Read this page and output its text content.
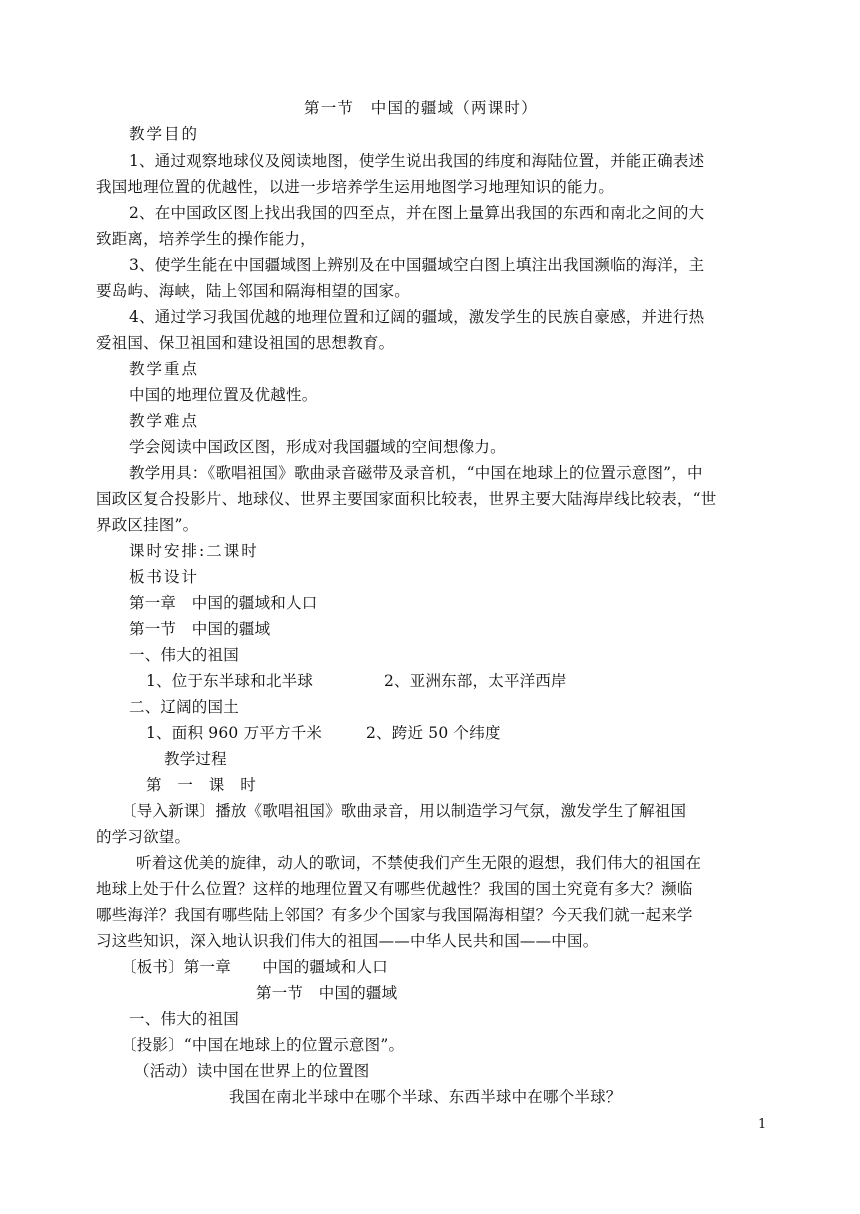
第一节　中国的疆域（两课时）
教学目的
1、通过观察地球仪及阅读地图，使学生说出我国的纬度和海陆位置，并能正确表述
我国地理位置的优越性，以进一步培养学生运用地图学习地理知识的能力。
2、在中国政区图上找出我国的四至点，并在图上量算出我国的东西和南北之间的大
致距离，培养学生的操作能力，
3、使学生能在中国疆域图上辨别及在中国疆域空白图上填注出我国濒临的海洋，主
要岛屿、海峡，陆上邻国和隔海相望的国家。
4、通过学习我国优越的地理位置和辽阔的疆域，激发学生的民族自豪感，并进行热
爱祖国、保卫祖国和建设祖国的思想教育。
教学重点
中国的地理位置及优越性。
教学难点
学会阅读中国政区图，形成对我国疆域的空间想像力。
教学用具：《歌唱祖国》歌曲录音磁带及录音机，“中国在地球上的位置示意图”，中
国政区复合投影片、地球仪、世界主要国家面积比较表，世界主要大陆海岸线比较表，“世
界政区挂图”。
课时安排:二课时
板书设计
第一章　中国的疆域和人口
第一节　中国的疆域
一、伟大的祖国
1、位于东半球和北半球	2、亚洲东部，太平洋西岸
二、辽阔的国土
1、面积 960 万平方千米	2、跨近 50 个纬度
教学过程
第　一　课　时
〔导入新课〕播放《歌唱祖国》歌曲录音，用以制造学习气氛，激发学生了解祖国
的学习欲望。
听着这优美的旋律，动人的歌词，不禁使我们产生无限的遐想，我们伟大的祖国在
地球上处于什么位置？这样的地理位置又有哪些优越性？我国的国土究竟有多大？濒临
哪些海洋？我国有哪些陆上邻国？有多少个国家与我国隔海相望？今天我们就一起来学
习这些知识，深入地认识我们伟大的祖国——中华人民共和国——中国。
〔板书〕第一章　　中国的疆域和人口
第一节　中国的疆域
一、伟大的祖国
〔投影〕“中国在地球上的位置示意图”。
（活动）读中国在世界上的位置图
我国在南北半球中在哪个半球、东西半球中在哪个半球？
1
